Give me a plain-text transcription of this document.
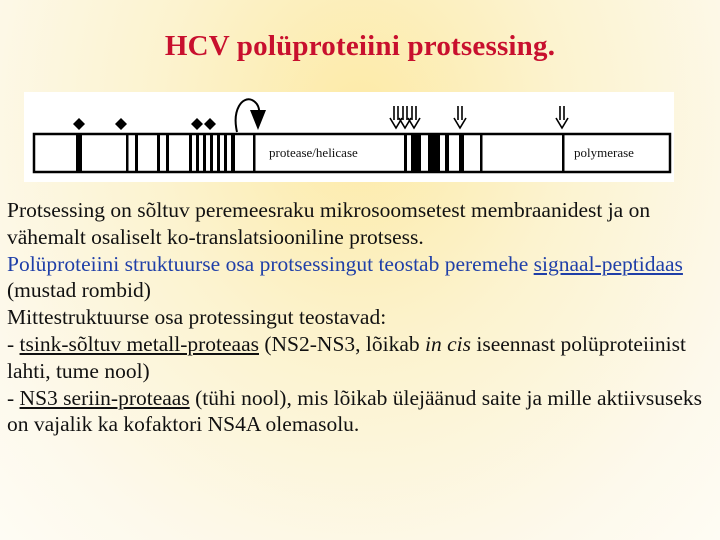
HCV polüproteiini protsessing.
protease/helicase	polymerase

Protsessing on sõltuv peremeesraku mikrosoomsetest membraanidest ja on vähemalt osaliselt ko-translatsiooniline protsess.

Polüproteiini struktuurse osa protsessingut teostab peremehe signaal-peptidaas (mustad rombid)

Mittestruktuurse osa protessingut teostavad:

- tsink-sõltuv metall-proteaas (NS2-NS3, lõikab in cis iseennast polüproteiinist lahti, tume nool)

- NS3 seriin-proteaas (tühi nool), mis lõikab ülejäänud saite ja mille aktiivsuseks on vajalik ka kofaktori NS4A olemasolu.
